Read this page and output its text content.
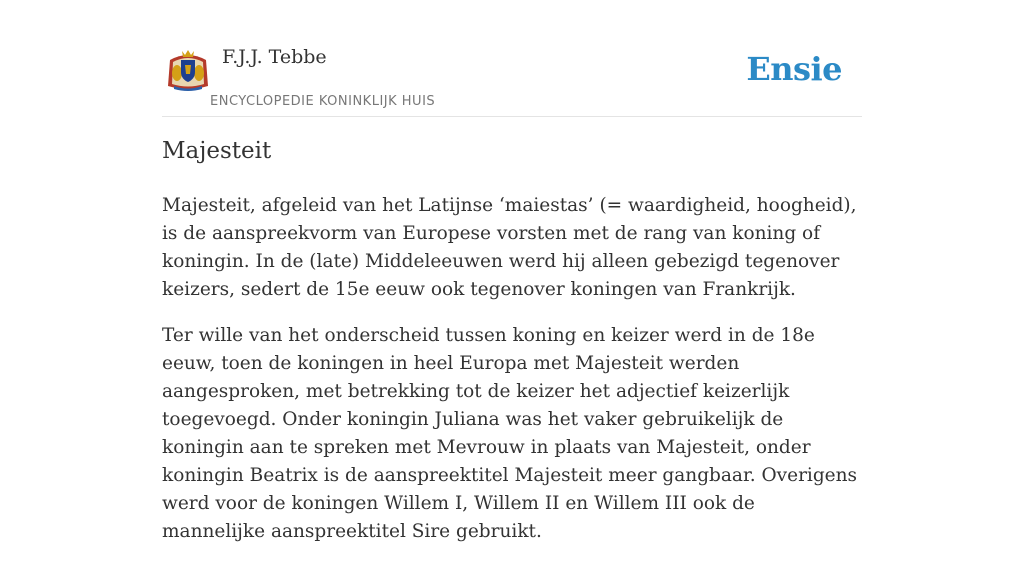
F.J.J. Tebbe
ENCYCLOPEDIE KONINKLIJK HUIS
Ensie
Majesteit

Majesteit, afgeleid van het Latijnse ‘maiestas’ (= waardigheid, hoogheid), is de aanspreekvorm van Europese vorsten met de rang van koning of koningin. In de (late) Middeleeuwen werd hij alleen gebezigd tegenover keizers, sedert de 15e eeuw ook tegenover koningen van Frankrijk.

Ter wille van het onderscheid tussen koning en keizer werd in de 18e eeuw, toen de koningen in heel Europa met Majesteit werden aangesproken, met betrekking tot de keizer het adjectief keizerlijk toegevoegd. Onder koningin Juliana was het vaker gebruikelijk de koningin aan te spreken met Mevrouw in plaats van Majesteit, onder koningin Beatrix is de aanspreektitel Majesteit meer gangbaar. Overigens werd voor de koningen Willem I, Willem II en Willem III ook de mannelijke aanspreektitel Sire gebruikt.
